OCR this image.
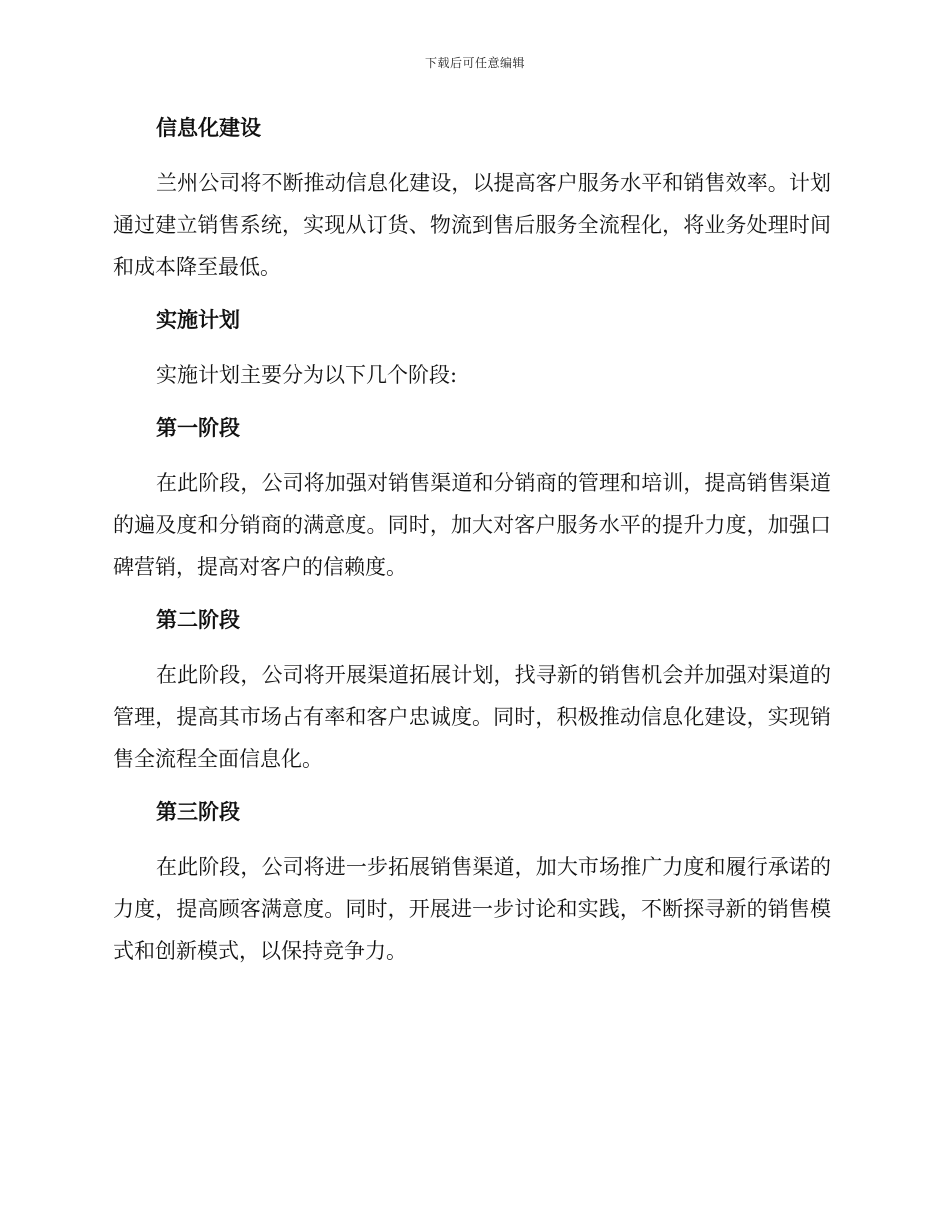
下载后可任意编辑
信息化建设

兰州公司将不断推动信息化建设，以提高客户服务水平和销售效率。计划通过建立销售系统，实现从订货、物流到售后服务全流程化，将业务处理时间和成本降至最低。

实施计划

实施计划主要分为以下几个阶段:

第一阶段

在此阶段，公司将加强对销售渠道和分销商的管理和培训，提高销售渠道的遍及度和分销商的满意度。同时，加大对客户服务水平的提升力度，加强口碑营销，提高对客户的信赖度。

第二阶段

在此阶段，公司将开展渠道拓展计划，找寻新的销售机会并加强对渠道的管理，提高其市场占有率和客户忠诚度。同时，积极推动信息化建设，实现销售全流程全面信息化。

第三阶段

在此阶段，公司将进一步拓展销售渠道，加大市场推广力度和履行承诺的力度，提高顾客满意度。同时，开展进一步讨论和实践，不断探寻新的销售模式和创新模式，以保持竞争力。
